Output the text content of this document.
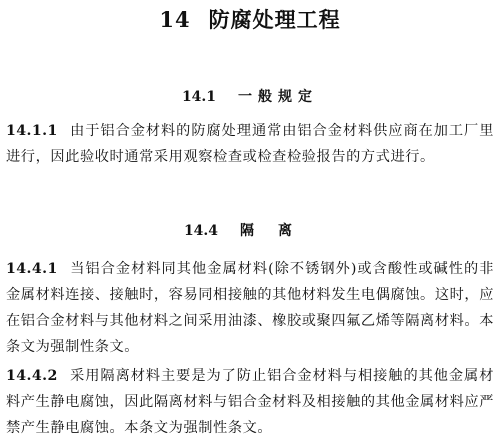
14 防腐处理工程
14.1 一般规定
14.1.1 由于铝合金材料的防腐处理通常由铝合金材料供应商在加工厂里进行，因此验收时通常采用观察检查或检查检验报告的方式进行。
14.4 隔离
14.4.1 当铝合金材料同其他金属材料(除不锈钢外)或含酸性或碱性的非金属材料连接、接触时，容易同相接触的其他材料发生电偶腐蚀。这时，应在铝合金材料与其他材料之间采用油漆、橡胶或聚四氟乙烯等隔离材料。本条文为强制性条文。
14.4.2 采用隔离材料主要是为了防止铝合金材料与相接触的其他金属材料产生静电腐蚀，因此隔离材料与铝合金材料及相接触的其他金属材料应严禁产生静电腐蚀。本条文为强制性条文。
